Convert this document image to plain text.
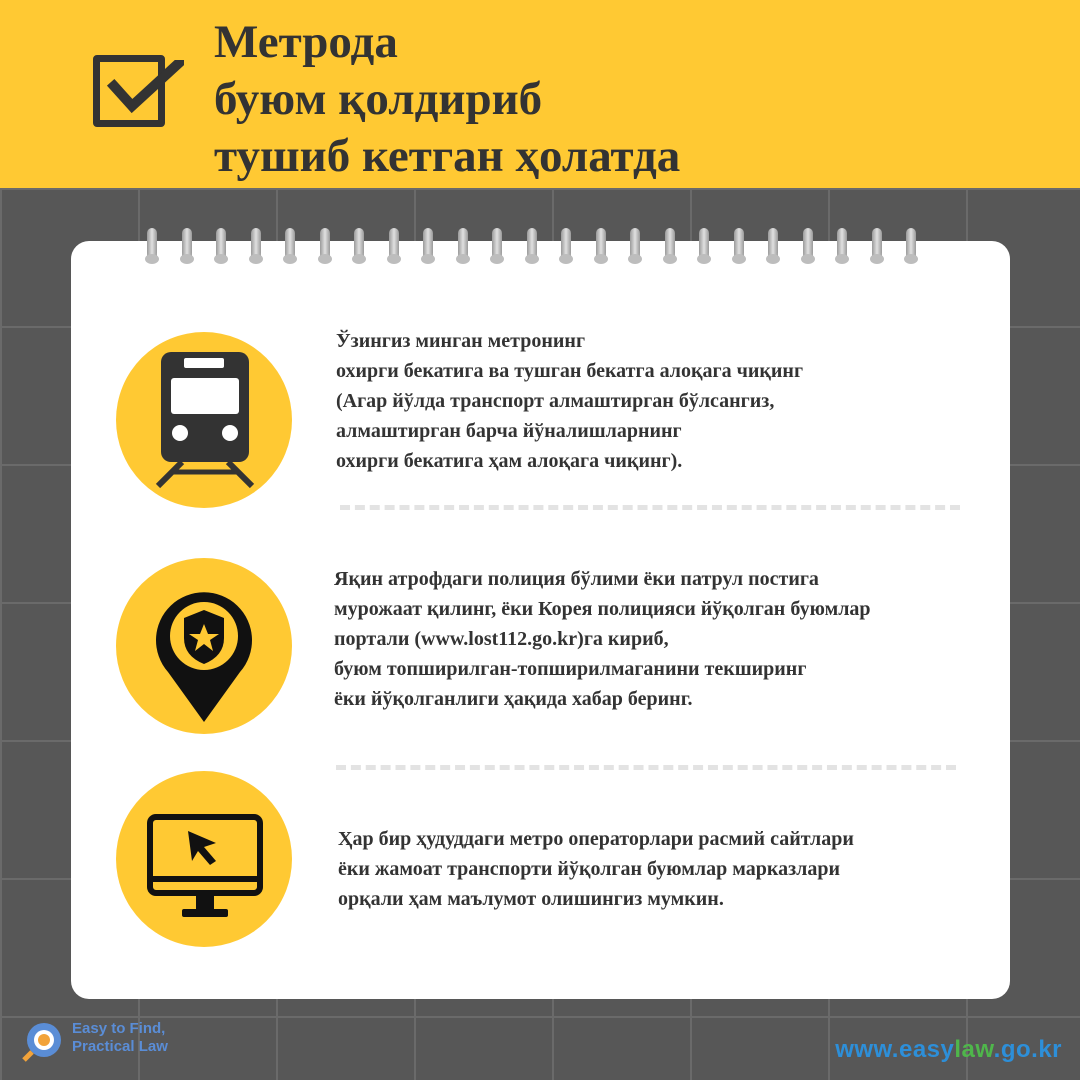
Метрода
буюм қолдириб
тушиб кетган ҳолатда

Ўзингиз минган метронинг
охирги бекатига ва тушган бекатга алоқага чиқинг
(Агар йўлда транспорт алмаштирган бўлсангиз,
алмаштирган барча йўналишларнинг
охирги бекатига ҳам алоқага чиқинг).

Яқин атрофдаги полиция бўлими ёки патрул постига
мурожаат қилинг, ёки Корея полицияси йўқолган буюмлар
портали (www.lost112.go.kr)га кириб,
буюм топширилган-топширилмаганини текширинг
ёки йўқолганлиги ҳақида хабар беринг.

Ҳар бир ҳудуддаги метро операторлари расмий сайтлари
ёки жамоат транспорти йўқолган буюмлар марказлари
орқали ҳам маълумот олишингиз мумкин.

Easy to Find,
Practical Law	www.easylaw.go.kr
